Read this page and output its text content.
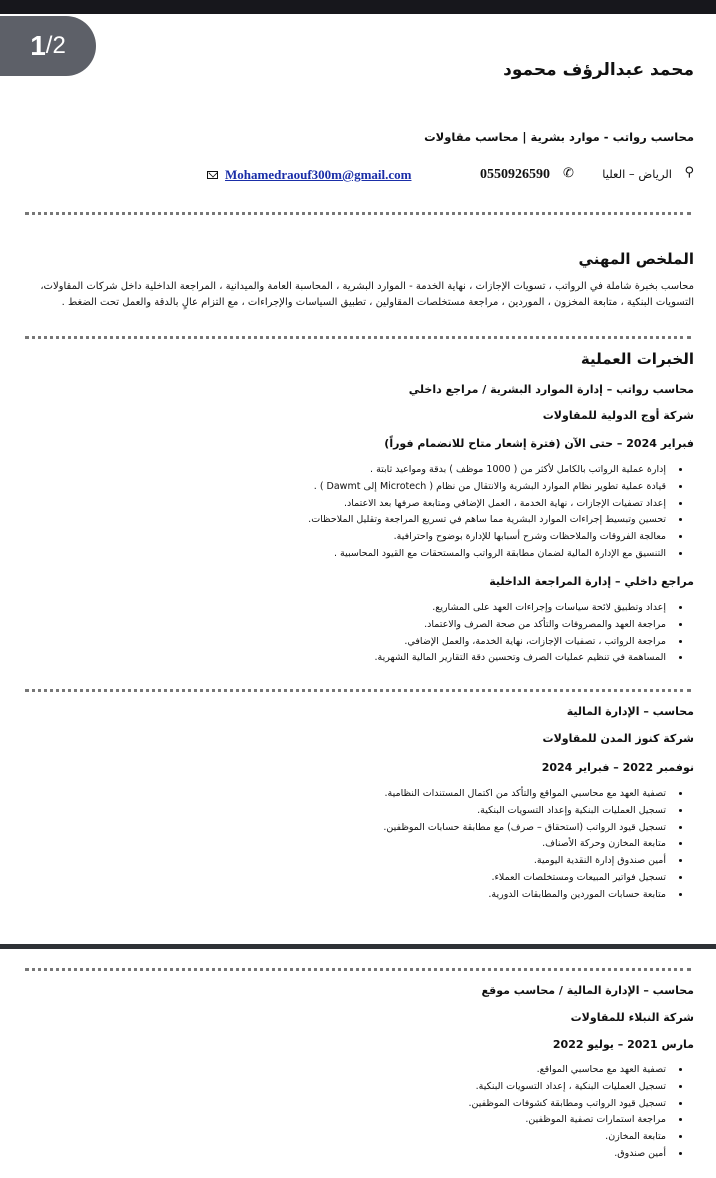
1 / 2
محمد عبدالرؤف محمود
محاسب رواتب - موارد بشرية | محاسب مقاولات
Mohamedraouf300m@gmail.com	0550926590 ✆ الرياض – العليا ⚲
الملخص المهني
محاسب بخبرة شاملة في الرواتب ، تسويات الإجازات ، نهاية الخدمة - الموارد البشرية ، المحاسبة العامة والميدانية ، المراجعة الداخلية داخل شركات المقاولات، التسويات البنكية ، متابعة المخزون ، الموردين ، مراجعة مستخلصات المقاولين ، تطبيق السياسات والإجراءات ، مع التزام عالٍ بالدقة والعمل تحت الضغط .
الخبرات العملية
محاسب رواتب – إدارة الموارد البشرية / مراجع داخلي
شركة أوج الدولية للمقاولات
فبراير 2024 – حتى الآن (فترة إشعار متاح للانضمام فوراً)
• إدارة عملية الرواتب بالكامل لأكثر من ( 1000 موظف ) بدقة ومواعيد ثابتة .
• قيادة عملية تطوير نظام الموارد البشرية والانتقال من نظام ( Microtech إلى Dawmt ) .
• إعداد تصفيات الإجازات ، نهاية الخدمة ، العمل الإضافي ومتابعة صرفها بعد الاعتماد.
• تحسين وتبسيط إجراءات الموارد البشرية مما ساهم في تسريع المراجعة وتقليل الملاحظات.
• معالجة الفروقات والملاحظات وشرح أسبابها للإدارة بوضوح واحترافية.
• التنسيق مع الإدارة المالية لضمان مطابقة الرواتب والمستحقات مع القيود المحاسبية .
مراجع داخلي – إدارة المراجعة الداخلية
• إعداد وتطبيق لائحة سياسات وإجراءات العهد على المشاريع.
• مراجعة العهد والمصروفات والتأكد من صحة الصرف والاعتماد.
• مراجعة الرواتب ، تصفيات الإجازات، نهاية الخدمة، والعمل الإضافي.
• المساهمة في تنظيم عمليات الصرف وتحسين دقة التقارير المالية الشهرية.
محاسب – الإدارة المالية
شركة كنوز المدن للمقاولات
نوفمبر 2022 – فبراير 2024
• تصفية العهد مع محاسبي المواقع والتأكد من اكتمال المستندات النظامية.
• تسجيل العمليات البنكية وإعداد التسويات البنكية.
• تسجيل قيود الرواتب (استحقاق – صرف) مع مطابقة حسابات الموظفين.
• متابعة المخازن وحركة الأصناف.
• أمين صندوق إدارة النقدية اليومية.
• تسجيل فواتير المبيعات ومستخلصات العملاء.
• متابعة حسابات الموردين والمطابقات الدورية.
محاسب – الإدارة المالية / محاسب موقع
شركة النبلاء للمقاولات
مارس 2021 – يوليو 2022
• تصفية العهد مع محاسبي المواقع.
• تسجيل العمليات البنكية ، إعداد التسويات البنكية.
• تسجيل قيود الرواتب ومطابقة كشوفات الموظفين.
• مراجعة استمارات تصفية الموظفين.
• متابعة المخازن.
• أمين صندوق.
